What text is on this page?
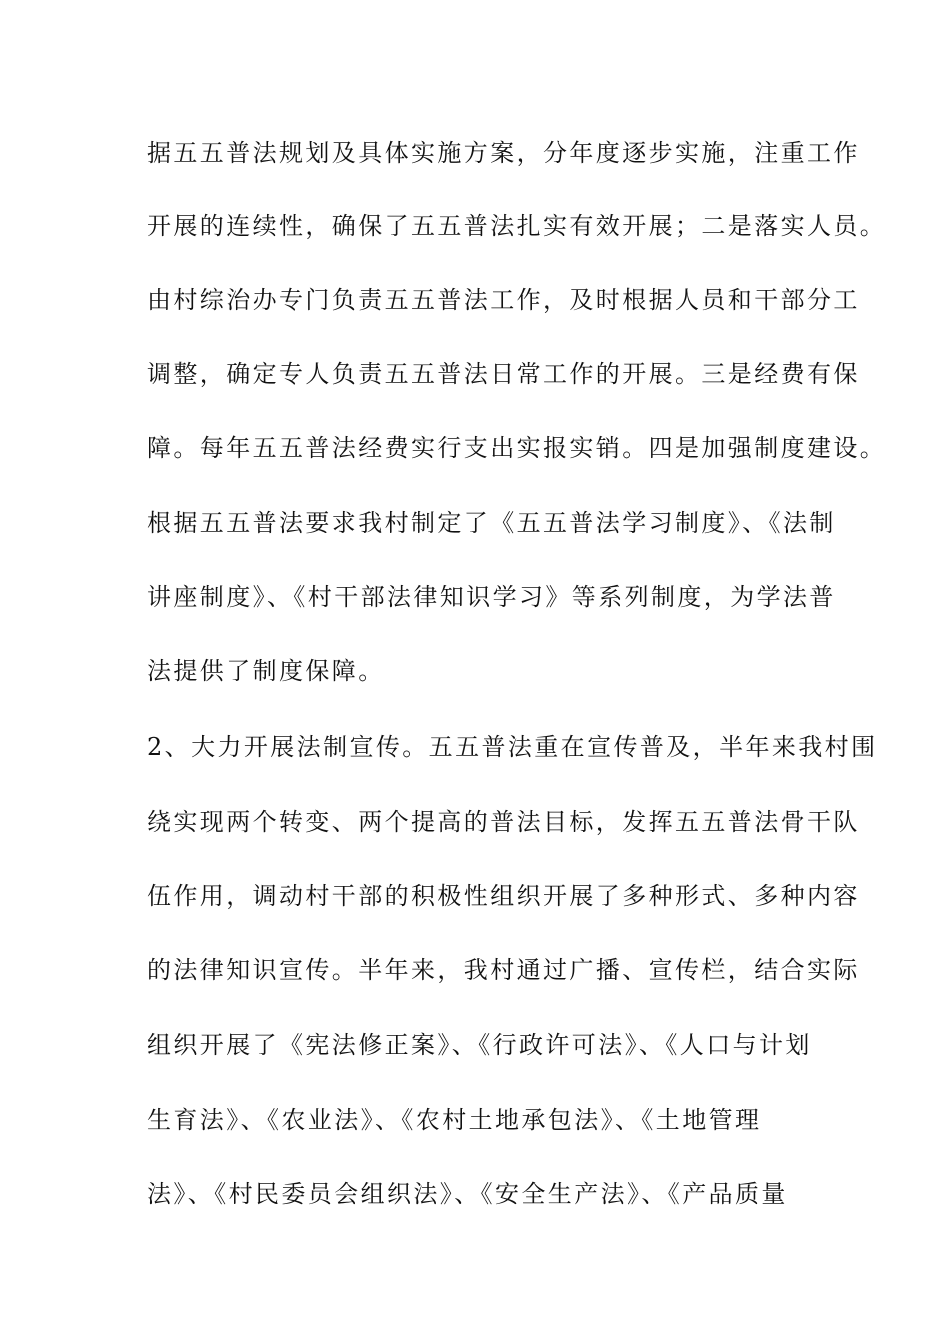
据五五普法规划及具体实施方案，分年度逐步实施，注重工作
开展的连续性，确保了五五普法扎实有效开展；二是落实人员。
由村综治办专门负责五五普法工作，及时根据人员和干部分工
调整，确定专人负责五五普法日常工作的开展。三是经费有保
障。每年五五普法经费实行支出实报实销。四是加强制度建设。
根据五五普法要求我村制定了《五五普法学习制度》、《法制
讲座制度》、《村干部法律知识学习》等系列制度，为学法普
法提供了制度保障。
2、大力开展法制宣传。五五普法重在宣传普及，半年来我村围
绕实现两个转变、两个提高的普法目标，发挥五五普法骨干队
伍作用，调动村干部的积极性组织开展了多种形式、多种内容
的法律知识宣传。半年来，我村通过广播、宣传栏，结合实际
组织开展了《宪法修正案》、《行政许可法》、《人口与计划
生育法》、《农业法》、《农村土地承包法》、《土地管理
法》、《村民委员会组织法》、《安全生产法》、《产品质量
